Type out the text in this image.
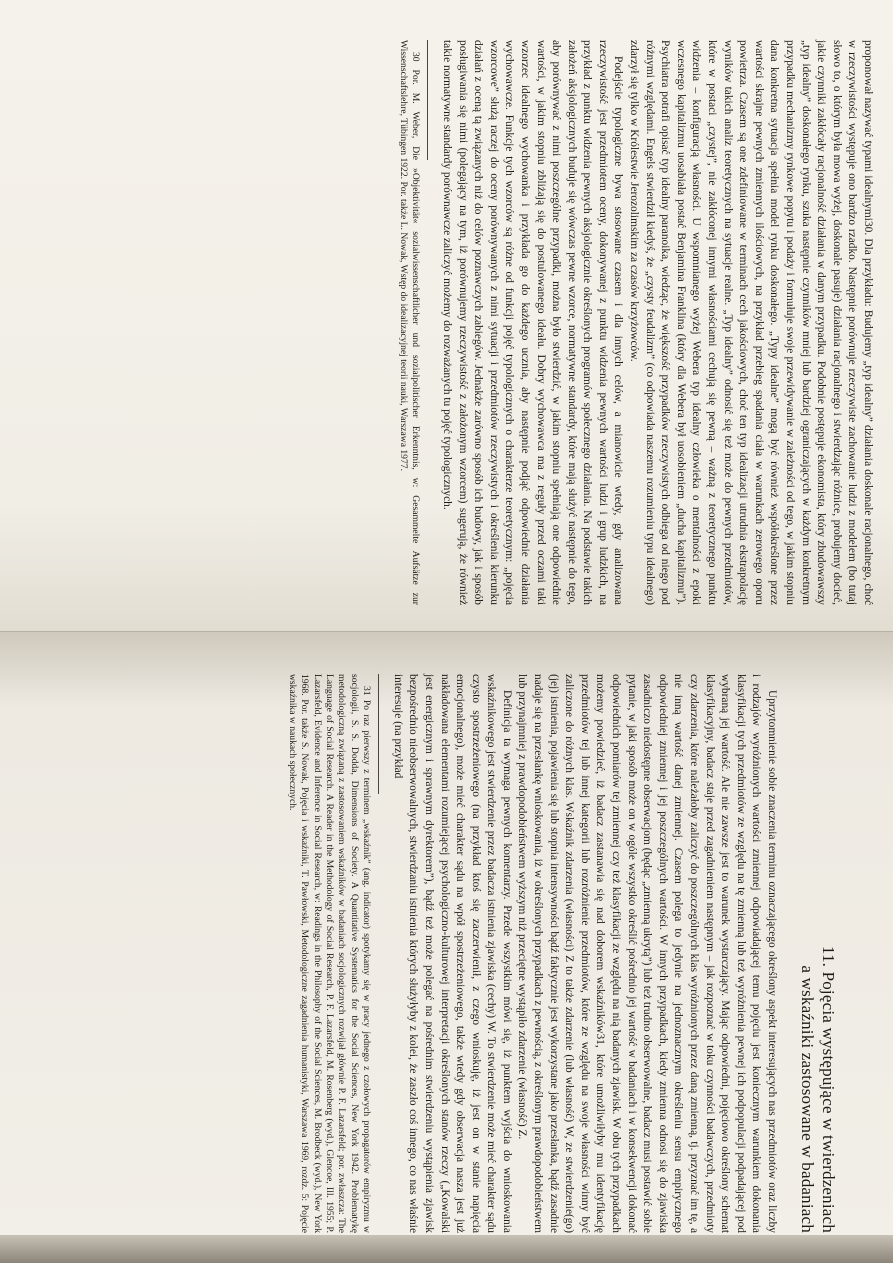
proponował nazywać typami idealnymi30. Dla przykładu: Budujemy „typ idealny” działania doskonale racjonalnego, choć w rzeczywistości występuje ono bardzo rzadko. Następnie porównuje rzeczywiste zachowanie ludzi z modelem (bo tutaj słowo to, o którym była mowa wyżej, doskonale pasuje) działania racjonalnego i stwierdzając różnice, probujemy docieć, jakie czynniki zakłócały racjonalność działania w danym przypadku. Podobnie postępuje ekonomista, który zbudowawszy „typ idealny” doskonałego rynku, szuka następnie czynników mniej lub bardziej ograniczających w każdym konkretnym przypadku mechanizmy rynkowe popytu i podaży i formułuje swoje przewidywanie w zależności od tego, w jakim stopniu dana konkretna sytuacja spełnia model rynku doskonałego. „Typy idealne” mogą być również współokreślone przez wartości skrajne pewnych zmiennych ilościowych, na przykład przebieg spadania ciała w warunkach zerowego oporu powietrza. Czasem są one zdefiniowane w terminach cech jakościowych, choć ten typ idealizacji utrudnia ekstrapolację wyników takich analiz teoretycznych na sytuacje realne. „Typ idealny” odnosić się też może do pewnych przedmiotów, które w postaci „czystej”, nie zakłóconej innymi własnościami cechują się pewną – ważną z teoretycznego punktu widzenia – konfiguracją własności. U wspomnianego wyżej Webera typ idealny człowieka o mentalności z epoki wczesnego kapitalizmu uosabiała postać Benjamina Franklina (który dla Webera był uosobieniem „ducha kapitalizmu”). Psychiatra potrafi opisać typ idealny paranoika, wiedząc, że większość przypadków rzeczywistych odbiega od niego pod różnymi względami. Engels stwierdził kiedyś, że „czysty feudalizm” (co odpowiada naszemu rozumieniu typu idealnego) zdarzył się tylko w Królestwie Jerozolimskim za czasów krzyżowców.

Podejście typologiczne bywa stosowane czasem i dla innych celów, a mianowicie wtedy, gdy analizowana rzeczywistość jest przedmiotem oceny, dokonywanej z punktu widzenia pewnych wartości ludzi i grup ludzkich, na przykład z punktu widzenia pewnych aksjologicznie określonych programów społecznego działania. Na podstawie takich założeń aksjologicznych buduje się wówczas pewne wzorce, normatywne standardy, które mają służyć następnie do tego, aby porównywać z nimi poszczególne przypadki, można było stwierdzić, w jakim stopniu spełniają one odpowiednie wartości, w jakim stopniu zbliżają się do postulowanego ideału. Dobry wychowawca ma z reguły przed oczami taki wzorzec idealnego wychowanka i przykłada go do każdego ucznia, aby następnie podjąć odpowiednie działania wychowawcze. Funkcje tych wzorców są różne od funkcji pojęć typologicznych o charakterze teoretycznym: „pojęcia wzorcowe” służą raczej do oceny porównywanych z nimi sytuacji i przedmiotów rzeczywistych i określenia kierunku działań z oceną tą związanych niż do celów poznawczych zabiegów. Jednakże zarówno sposób ich budowy, jak i sposób posługiwania się nimi (polegający na tym, iż porównujemy rzeczywistość z założonym wzorcem) sugerują, że również takie normatywne standardy porównawcze zaliczyć możemy do rozważanych tu pojęć typologicznych.

30 Por. M. Weber, Die »Objektivität« sozialwissenschaftlicher und sozialpolitischer Erkenntnis, w: Gesammelte Aufsätze zur Wissenschaftslehre, Tübingen 1922. Por. także L. Nowak, Wstęp do idealizacyjnej teorii nauki, Warszawa 1977.

11. Pojęcia występujące w twierdzeniach
a wskaźniki zastosowane w badaniach

Uprzytomnienie sobie znaczenia terminu oznaczającego określony aspekt interesujących nas przedmiotów oraz liczby i rodzajów wyróżnionych wartości zmiennej odpowiadającej temu pojęciu jest koniecznym warunkiem dokonania klasyfikacji tych przedmiotów ze względu na tę zmienną lub też wyróżnienia pewnej ich podpopulacji podpadającej pod wybraną jej wartość. Ale nie zawsze jest to warunek wystarczający. Mając odpowiedni, pojęciowo określony schemat klasyfikacyjny, badacz staje przed zagadnieniem następnym – jak rozpoznać w toku czynności badawczych, przedmioty czy zdarzenia, które należałoby zaliczyć do poszczególnych klas wyróżnionych przez daną zmienną, tj. przyznać im tę, a nie inną wartość danej zmiennej. Czasem polega to jedynie na jednoznacznym określeniu sensu empirycznego odpowiedniej zmiennej i jej poszczególnych wartości. W innych przypadkach, kiedy zmienna odnosi się do zjawiska zasadniczo niedostępne obserwacjom (będąc „zmienną ukrytą”) lub też trudno obserwowalne, badacz musi postawić sobie pytanie, w jaki sposób może on w ogóle wszystko określić pośrednio jej wartość w badaniach i w konsekwencji dokonać odpowiednich pomiarów tej zmiennej czy też klasyfikacji ze względu na nią badanych zjawisk. W obu tych przypadkach możemy powiedzieć, iż badacz zastanawia się nad doborem wskaźników31, które umożliwiłyby mu identyfikację przedmiotów tej lub innej kategorii lub rozróżnienie przedmiotów, które ze względu na swoje własności winny być zaliczone do różnych klas. Wskaźnik zdarzenia (własności) Z to także zdarzenie (lub własność) W, ze stwierdzenie(go) (jej) istnienia, pojawienia się lub stopnia intensywności bądź faktycznie jest wykorzystane jako przesłanka, bądź zasadnie nadaje się na przesłankę wnioskowania, iż w określonych przypadkach z pewnością, z określonym prawdopodobieństwem lub przynajmniej z prawdopodobieństwem wyższym niż przeciętne wystąpiło zdarzenie (własność) Z.

Definicja ta wymaga pewnych komentarzy. Przede wszystkim mówi się, iż punktem wyjścia do wnioskowania wskaźnikowego jest stwierdzenie przez badacza istnienia zjawiska (cechy) W. To stwierdzenie może mieć charakter sądu czysto spostrzeżeniowego (na przykład ktoś się zaczerwienił, z czego wnioskuję, iż jest on w stanie napięcia emocjonalnego), może mieć charakter sądu na wpół spostrzeżeniowego, także wtedy gdy obserwacja nasza jest już nakładowana elementami rozumiejącej psychologiczno-kulturowej interpretacji określonych stanów rzeczy („Kowalski jest energicznym i sprawnym dyrektorem”), bądź też może polegać na pośrednim stwierdzeniu wystąpienia zjawisk bezpośrednio nieobserwowalnych, stwierdzaniu istnienia których służyłyby z kolei, że zaszło coś innego, co nas właśnie interesuje (na przykład

31 Po raz pierwszy z terminem „wskaźnik” (ang. indicator) spotykamy się w pracy jednego z czołowych propagatorów empiryzmu w socjologii, S. S. Dodda, Dimensions of Society. A Quantitative Systematics for the Social Sciences, New York 1942. Problematykę metodologiczną związaną z zastosowaniem wskaźników w badaniach socjologicznych rozwijał głównie P. F. Lazarsfeld; por. zwłaszcza: The Language of Social Research. A Reader in the Methodology of Social Research, P. F. Lazarsfeld, M. Rosenberg (wyd.), Glencoe, Ill. 1955; P. Lazarsfeld, Evidence and Inference in Social Research, w: Readings in the Philosophy of the Social Sciences, M. Brodbeck (wyd.), New York 1968. Por. także S. Nowak, Pojęcia i wskaźniki, T. Pawłowski, Metodologiczne zagadnienia humanistyki, Warszawa 1969, rozdz. 5: Pojęcie wskaźnika w naukach społecznych.
